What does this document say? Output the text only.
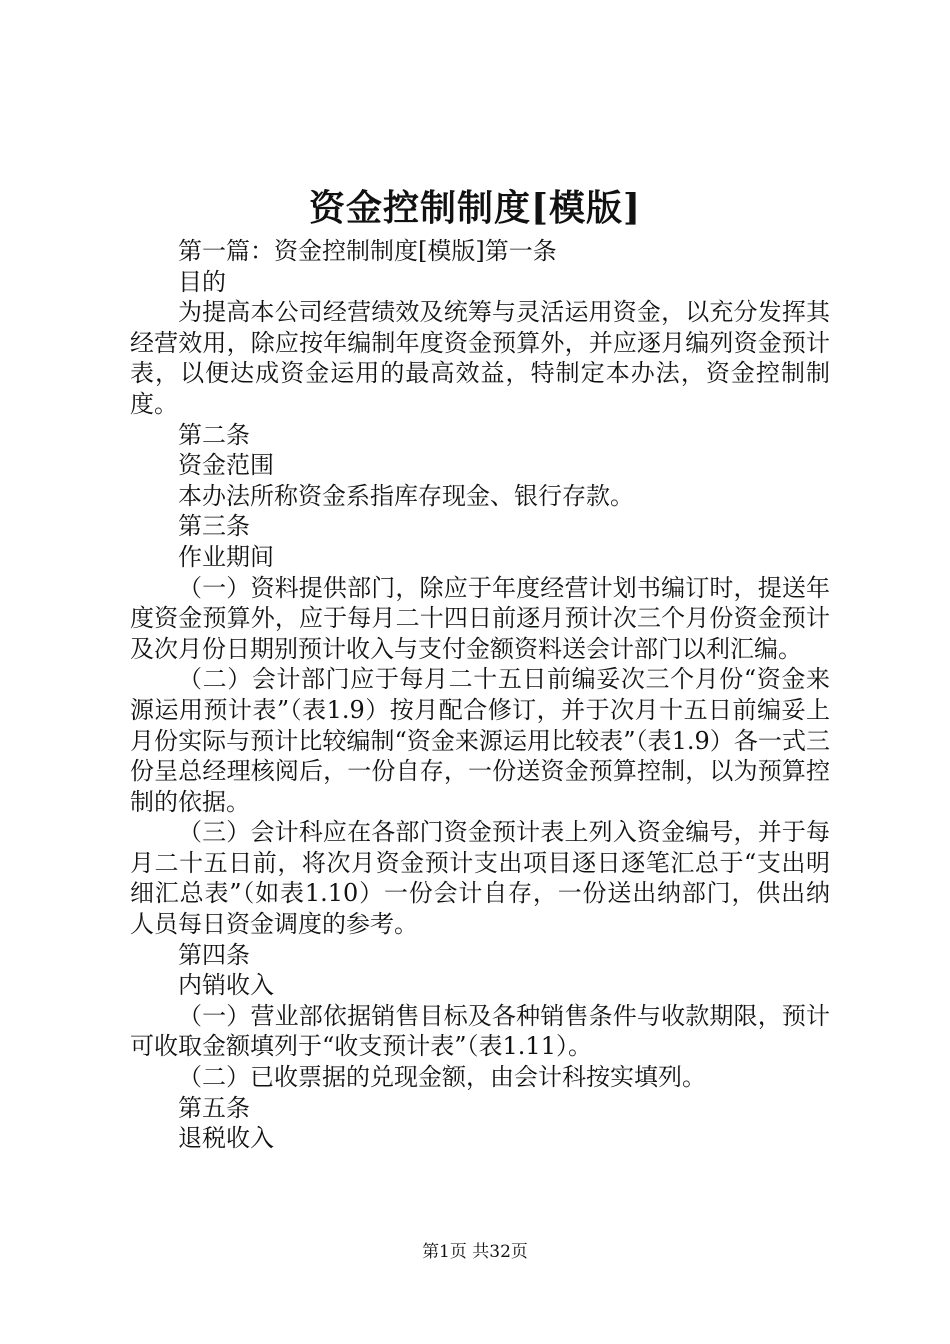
资金控制制度[模版]

第一篇：资金控制制度[模版]第一条

目的

为提高本公司经营绩效及统筹与灵活运用资金，以充分发挥其经营效用，除应按年编制年度资金预算外，并应逐月编列资金预计表，以便达成资金运用的最高效益，特制定本办法，资金控制制度。

第二条

资金范围

本办法所称资金系指库存现金、银行存款。

第三条

作业期间

（一）资料提供部门，除应于年度经营计划书编订时，提送年度资金预算外，应于每月二十四日前逐月预计次三个月份资金预计及次月份日期别预计收入与支付金额资料送会计部门以利汇编。

（二）会计部门应于每月二十五日前编妥次三个月份“资金来源运用预计表”（表1.9）按月配合修订，并于次月十五日前编妥上月份实际与预计比较编制“资金来源运用比较表”（表1.9）各一式三份呈总经理核阅后，一份自存，一份送资金预算控制，以为预算控制的依据。

（三）会计科应在各部门资金预计表上列入资金编号，并于每月二十五日前，将次月资金预计支出项目逐日逐笔汇总于“支出明细汇总表”（如表1.10）一份会计自存，一份送出纳部门，供出纳人员每日资金调度的参考。

第四条

内销收入

（一）营业部依据销售目标及各种销售条件与收款期限，预计可收取金额填列于“收支预计表”（表1.11）。

（二）已收票据的兑现金额，由会计科按实填列。

第五条

退税收入

第1页 共32页
